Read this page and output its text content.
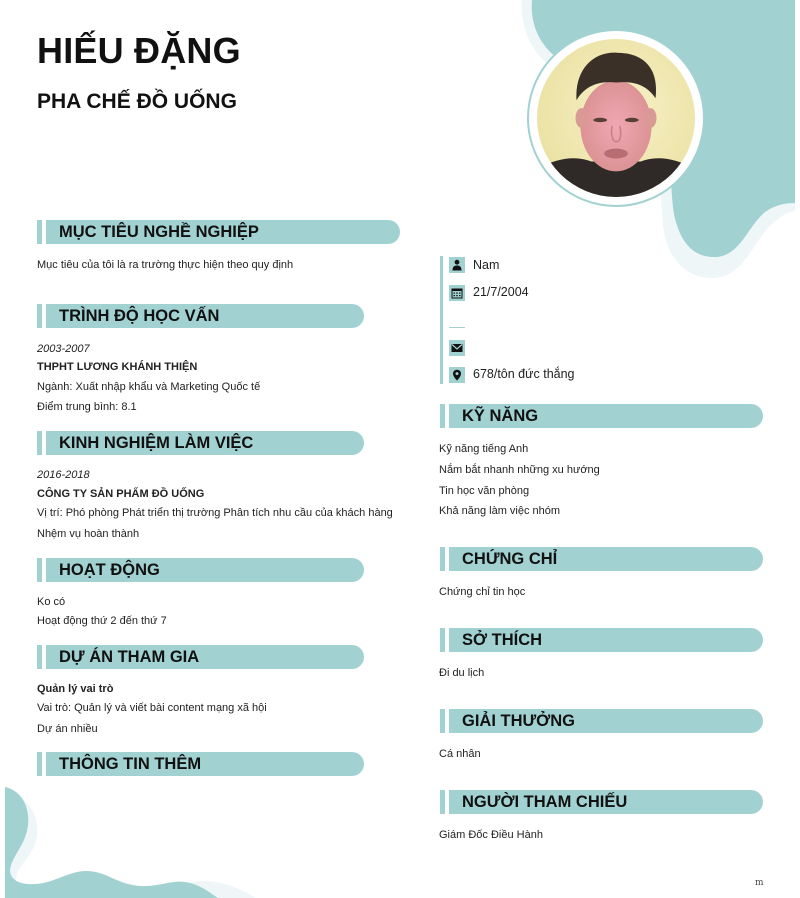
HIẾU ĐẶNG
PHA CHẾ ĐỒ UỐNG
MỤC TIÊU NGHỀ NGHIỆP
Mục tiêu của tôi là ra trường thực hiện theo quy định
TRÌNH ĐỘ HỌC VẤN
2003-2007
THPHT LƯƠNG KHÁNH THIỆN
Ngành: Xuất nhập khẩu và Marketing Quốc tế
Điểm trung bình: 8.1
KINH NGHIỆM LÀM VIỆC
2016-2018
CÔNG TY SẢN PHẨM ĐỒ UỐNG
Vị trí: Phó phòng Phát triển thị trường Phân tích nhu cầu của khách hàng
Nhệm vụ hoàn thành
HOẠT ĐỘNG
Ko có
Hoạt động thứ 2 đến thứ 7
DỰ ÁN THAM GIA
Quản lý vai trò
Vai trò: Quản lý và viết bài content mạng xã hội
Dự án nhiều
THÔNG TIN THÊM
Nam
21/7/2004
678/tôn đức thắng
KỸ NĂNG
Kỹ năng tiếng Anh
Nắm bắt nhanh những xu hướng
Tin học văn phòng
Khả năng làm việc nhóm
CHỨNG CHỈ
Chứng chỉ tin học
SỞ THÍCH
Đi du lịch
GIẢI THƯỞNG
Cá nhân
NGƯỜI THAM CHIẾU
Giám Đốc Điều Hành
m
